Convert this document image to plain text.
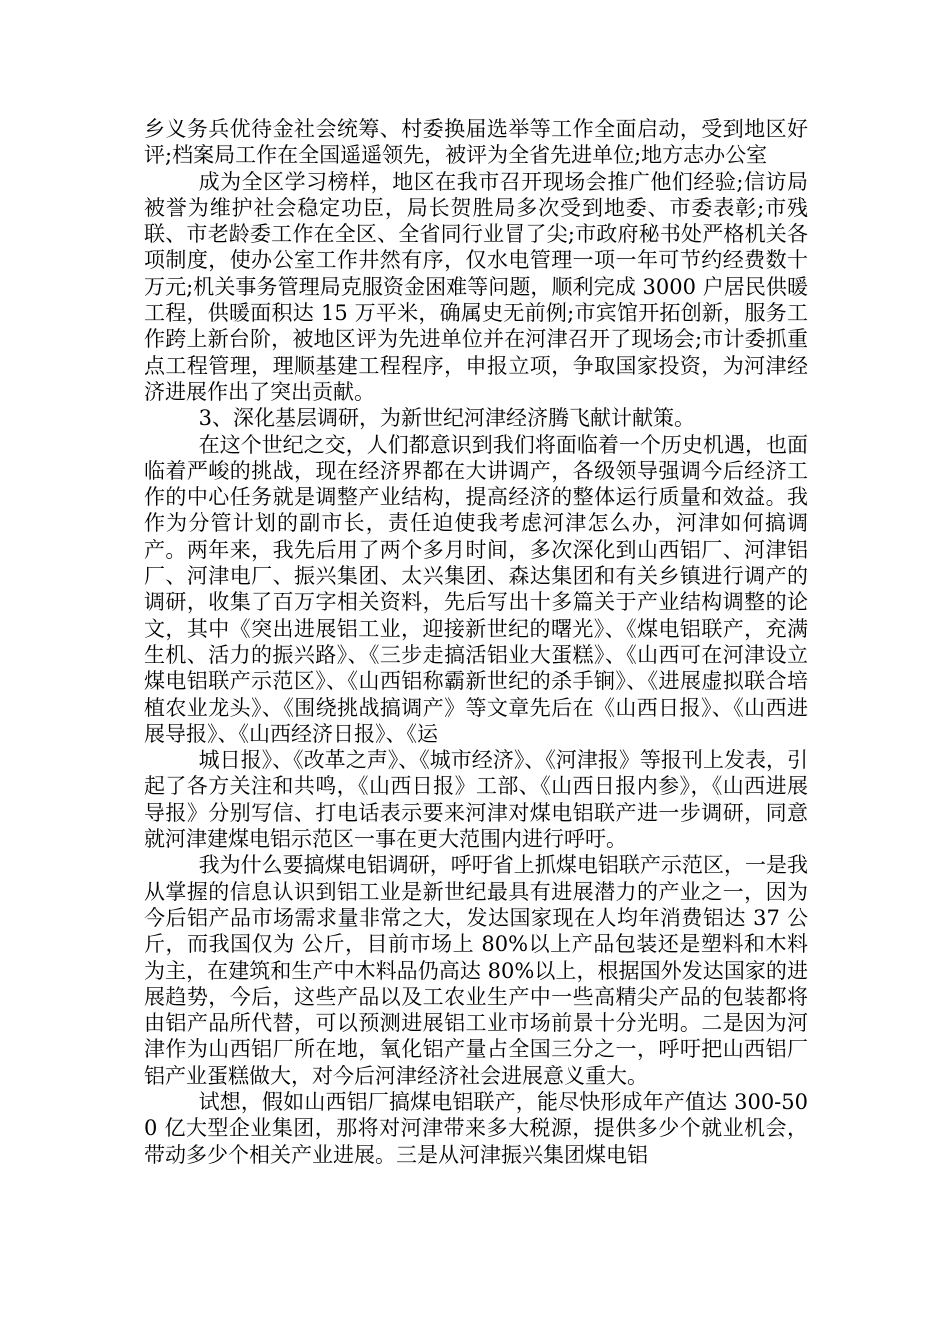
乡义务兵优待金社会统筹、村委换届选举等工作全面启动，受到地区好评;档案局工作在全国遥遥领先，被评为全省先进单位;地方志办公室

成为全区学习榜样，地区在我市召开现场会推广他们经验;信访局被誉为维护社会稳定功臣，局长贺胜局多次受到地委、市委表彰;市残联、市老龄委工作在全区、全省同行业冒了尖;市政府秘书处严格机关各项制度，使办公室工作井然有序，仅水电管理一项一年可节约经费数十万元;机关事务管理局克服资金困难等问题，顺利完成 3000 户居民供暖工程，供暖面积达 15 万平米，确属史无前例;市宾馆开拓创新，服务工作跨上新台阶，被地区评为先进单位并在河津召开了现场会;市计委抓重点工程管理，理顺基建工程程序，申报立项，争取国家投资，为河津经济进展作出了突出贡献。

3、深化基层调研，为新世纪河津经济腾飞献计献策。

在这个世纪之交，人们都意识到我们将面临着一个历史机遇，也面临着严峻的挑战，现在经济界都在大讲调产，各级领导强调今后经济工作的中心任务就是调整产业结构，提高经济的整体运行质量和效益。我作为分管计划的副市长，责任迫使我考虑河津怎么办，河津如何搞调产。两年来，我先后用了两个多月时间，多次深化到山西铝厂、河津铝厂、河津电厂、振兴集团、太兴集团、森达集团和有关乡镇进行调产的调研，收集了百万字相关资料，先后写出十多篇关于产业结构调整的论文，其中《突出进展铝工业，迎接新世纪的曙光》、《煤电铝联产，充满生机、活力的振兴路》、《三步走搞活铝业大蛋糕》、《山西可在河津设立煤电铝联产示范区》、《山西铝称霸新世纪的杀手锏》、《进展虚拟联合培植农业龙头》、《围绕挑战搞调产》等文章先后在《山西日报》、《山西进展导报》、《山西经济日报》、《运

城日报》、《改革之声》、《城市经济》、《河津报》等报刊上发表，引起了各方关注和共鸣，《山西日报》工部、《山西日报内参》，《山西进展导报》分别写信、打电话表示要来河津对煤电铝联产进一步调研，同意就河津建煤电铝示范区一事在更大范围内进行呼吁。

我为什么要搞煤电铝调研，呼吁省上抓煤电铝联产示范区，一是我从掌握的信息认识到铝工业是新世纪最具有进展潜力的产业之一，因为今后铝产品市场需求量非常之大，发达国家现在人均年消费铝达 37 公斤，而我国仅为 公斤，目前市场上 80%以上产品包装还是塑料和木料为主，在建筑和生产中木料品仍高达 80%以上，根据国外发达国家的进展趋势，今后，这些产品以及工农业生产中一些高精尖产品的包装都将由铝产品所代替，可以预测进展铝工业市场前景十分光明。二是因为河津作为山西铝厂所在地，氧化铝产量占全国三分之一，呼吁把山西铝厂铝产业蛋糕做大，对今后河津经济社会进展意义重大。

试想，假如山西铝厂搞煤电铝联产，能尽快形成年产值达 300-500 亿大型企业集团，那将对河津带来多大税源，提供多少个就业机会，带动多少个相关产业进展。三是从河津振兴集团煤电铝
